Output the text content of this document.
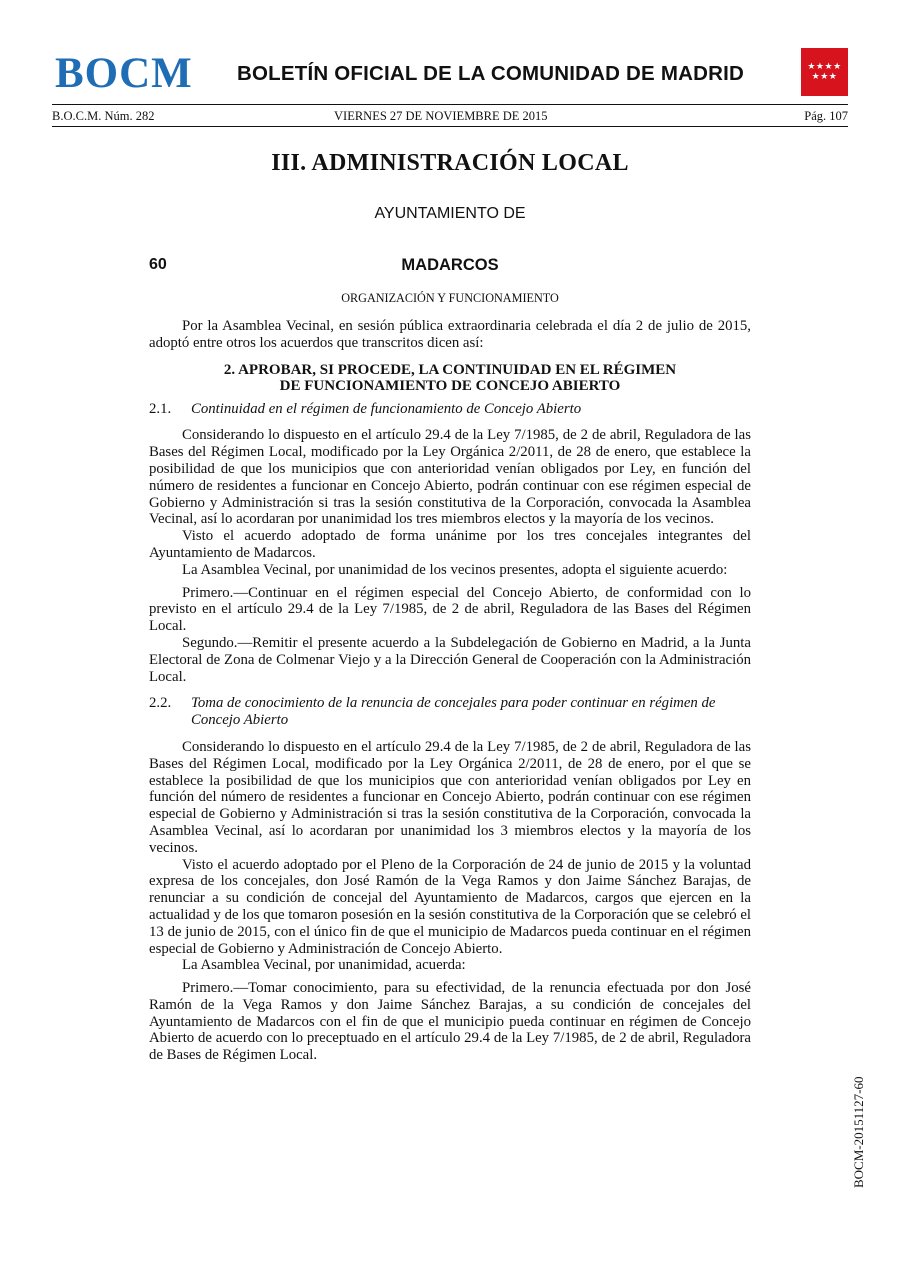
BOCM BOLETÍN OFICIAL DE LA COMUNIDAD DE MADRID	★★★★
★★★
B.O.C.M. Núm. 282	VIERNES 27 DE NOVIEMBRE DE 2015	Pág. 107
III. ADMINISTRACIÓN LOCAL
AYUNTAMIENTO DE
60	MADARCOS
ORGANIZACIÓN Y FUNCIONAMIENTO

Por la Asamblea Vecinal, en sesión pública extraordinaria celebrada el día 2 de julio de 2015, adoptó entre otros los acuerdos que transcritos dicen así:

2. APROBAR, SI PROCEDE, LA CONTINUIDAD EN EL RÉGIMEN
DE FUNCIONAMIENTO DE CONCEJO ABIERTO
2.1. Continuidad en el régimen de funcionamiento de Concejo Abierto

Considerando lo dispuesto en el artículo 29.4 de la Ley 7/1985, de 2 de abril, Reguladora de las Bases del Régimen Local, modificado por la Ley Orgánica 2/2011, de 28 de enero, que establece la posibilidad de que los municipios que con anterioridad venían obligados por Ley, en función del número de residentes a funcionar en Concejo Abierto, podrán continuar con ese régimen especial de Gobierno y Administración si tras la sesión constitutiva de la Corporación, convocada la Asamblea Vecinal, así lo acordaran por unanimidad los tres miembros electos y la mayoría de los vecinos.

Visto el acuerdo adoptado de forma unánime por los tres concejales integrantes del Ayuntamiento de Madarcos.

La Asamblea Vecinal, por unanimidad de los vecinos presentes, adopta el siguiente acuerdo:

Primero.—Continuar en el régimen especial del Concejo Abierto, de conformidad con lo previsto en el artículo 29.4 de la Ley 7/1985, de 2 de abril, Reguladora de las Bases del Régimen Local.

Segundo.—Remitir el presente acuerdo a la Subdelegación de Gobierno en Madrid, a la Junta Electoral de Zona de Colmenar Viejo y a la Dirección General de Cooperación con la Administración Local.

2.2. Toma de conocimiento de la renuncia de concejales para poder continuar en régimen de Concejo Abierto

Considerando lo dispuesto en el artículo 29.4 de la Ley 7/1985, de 2 de abril, Reguladora de las Bases del Régimen Local, modificado por la Ley Orgánica 2/2011, de 28 de enero, por el que se establece la posibilidad de que los municipios que con anterioridad venían obligados por Ley en función del número de residentes a funcionar en Concejo Abierto, podrán continuar con ese régimen especial de Gobierno y Administración si tras la sesión constitutiva de la Corporación, convocada la Asamblea Vecinal, así lo acordaran por unanimidad los 3 miembros electos y la mayoría de los vecinos.

Visto el acuerdo adoptado por el Pleno de la Corporación de 24 de junio de 2015 y la voluntad expresa de los concejales, don José Ramón de la Vega Ramos y don Jaime Sánchez Barajas, de renunciar a su condición de concejal del Ayuntamiento de Madarcos, cargos que ejercen en la actualidad y de los que tomaron posesión en la sesión constitutiva de la Corporación que se celebró el 13 de junio de 2015, con el único fin de que el municipio de Madarcos pueda continuar en el régimen especial de Gobierno y Administración de Concejo Abierto.

La Asamblea Vecinal, por unanimidad, acuerda:

Primero.—Tomar conocimiento, para su efectividad, de la renuncia efectuada por don José Ramón de la Vega Ramos y don Jaime Sánchez Barajas, a su condición de concejales del Ayuntamiento de Madarcos con el fin de que el municipio pueda continuar en régimen de Concejo Abierto de acuerdo con lo preceptuado en el artículo 29.4 de la Ley 7/1985, de 2 de abril, Reguladora de Bases de Régimen Local.

BOCM-20151127-60
